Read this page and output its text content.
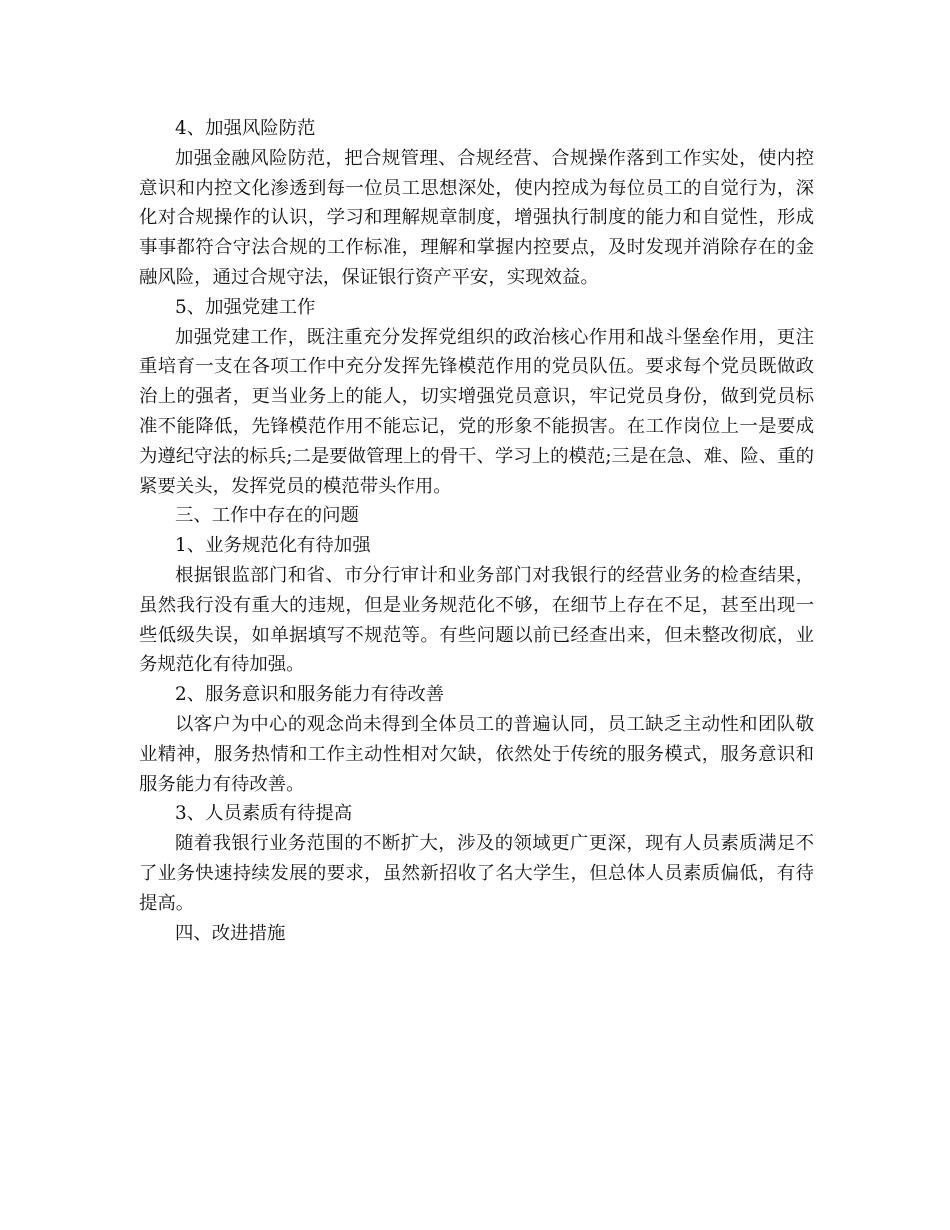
4、加强风险防范

加强金融风险防范，把合规管理、合规经营、合规操作落到工作实处，使内控意识和内控文化渗透到每一位员工思想深处，使内控成为每位员工的自觉行为，深化对合规操作的认识，学习和理解规章制度，增强执行制度的能力和自觉性，形成事事都符合守法合规的工作标准，理解和掌握内控要点，及时发现并消除存在的金融风险，通过合规守法，保证银行资产平安，实现效益。

5、加强党建工作

加强党建工作，既注重充分发挥党组织的政治核心作用和战斗堡垒作用，更注重培育一支在各项工作中充分发挥先锋模范作用的党员队伍。要求每个党员既做政治上的强者，更当业务上的能人，切实增强党员意识，牢记党员身份，做到党员标准不能降低，先锋模范作用不能忘记，党的形象不能损害。在工作岗位上一是要成为遵纪守法的标兵;二是要做管理上的骨干、学习上的模范;三是在急、难、险、重的紧要关头，发挥党员的模范带头作用。

三、工作中存在的问题

1、业务规范化有待加强

根据银监部门和省、市分行审计和业务部门对我银行的经营业务的检查结果，虽然我行没有重大的违规，但是业务规范化不够，在细节上存在不足，甚至出现一些低级失误，如单据填写不规范等。有些问题以前已经查出来，但未整改彻底，业务规范化有待加强。

2、服务意识和服务能力有待改善

以客户为中心的观念尚未得到全体员工的普遍认同，员工缺乏主动性和团队敬业精神，服务热情和工作主动性相对欠缺，依然处于传统的服务模式，服务意识和服务能力有待改善。

3、人员素质有待提高

随着我银行业务范围的不断扩大，涉及的领域更广更深，现有人员素质满足不了业务快速持续发展的要求，虽然新招收了名大学生，但总体人员素质偏低，有待提高。

四、改进措施
